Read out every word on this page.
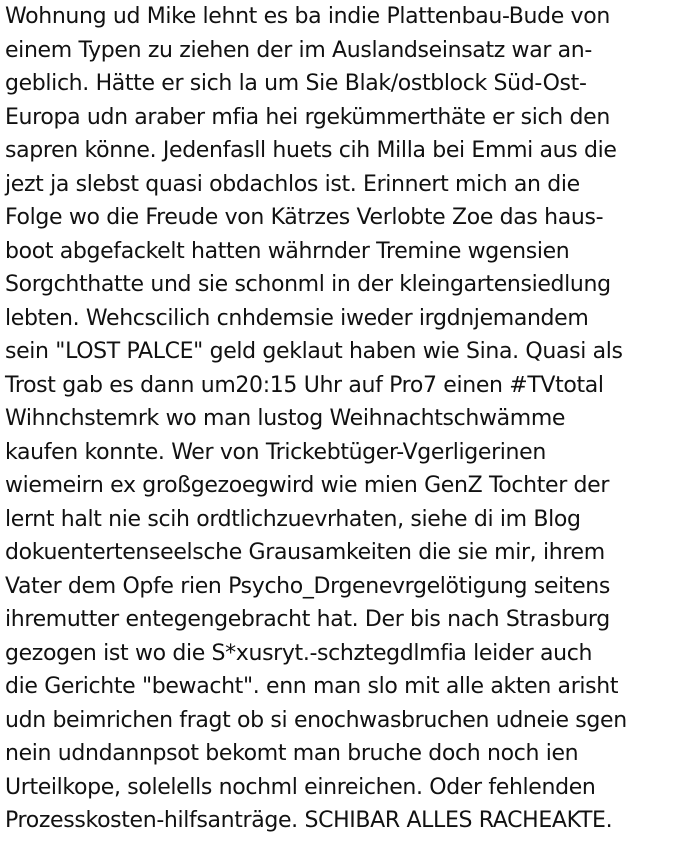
Wohnung ud Mike lehnt es ba indie Plattenbau-Bude von
einem Typen zu ziehen der im Auslandseinsatz war an-
geblich. Hätte er sich la um Sie Blak/ostblock Süd-Ost-
Europa udn araber mfia hei rgekümmerthäte er sich den
sapren könne. Jedenfasll huets cih Milla bei Emmi aus die
jezt ja slebst quasi obdachlos ist. Erinnert mich an die
Folge wo die Freude von Kätrzes Verlobte Zoe das haus-
boot abgefackelt hatten währnder Tremine wgensien
Sorgchthatte und sie schonml in der kleingartensiedlung
lebten. Wehcscilich cnhdemsie iweder irgdnjemandem
sein "LOST PALCE" geld geklaut haben wie Sina. Quasi als
Trost gab es dann um20:15 Uhr auf Pro7 einen #TVtotal
Wihnchstemrk wo man lustog Weihnachtschwämme
kaufen konnte. Wer von Trickebtüger-Vgerligerinen
wiemeirn ex großgezoegwird wie mien GenZ Tochter der
lernt halt nie scih ordtlichzuevrhaten, siehe di im Blog
dokuentertenseelsche Grausamkeiten die sie mir, ihrem
Vater dem Opfe rien Psycho_Drgenevrgelötigung seitens
ihremutter entegengebracht hat. Der bis nach Strasburg
gezogen ist wo die S*xusryt.-schztegdlmfia leider auch
die Gerichte "bewacht". enn man slo mit alle akten arisht
udn beimrichen fragt ob si enochwasbruchen udneie sgen
nein udndannpsot bekomt man bruche doch noch ien
Urteilkope, solelells nochml einreichen. Oder fehlenden
Prozesskosten-hilfsanträge. SCHIBAR ALLES RACHEAKTE.
